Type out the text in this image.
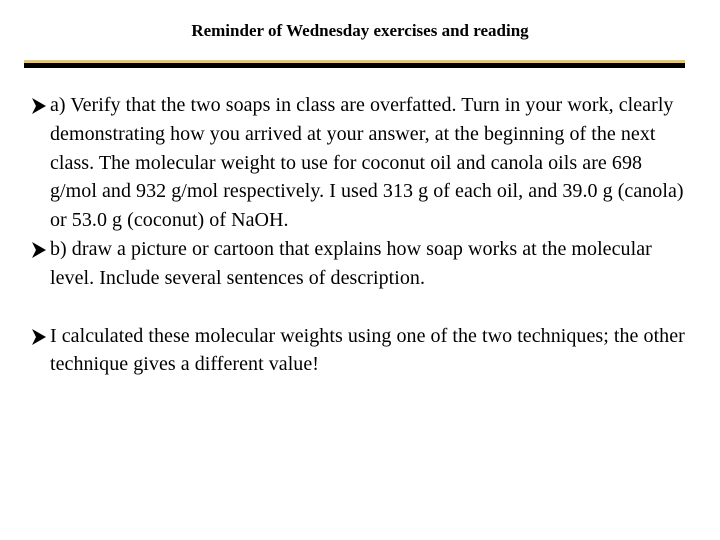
Reminder of Wednesday exercises and reading
a) Verify that the two soaps in class are overfatted. Turn in your work, clearly demonstrating how you arrived at your answer, at the beginning of the next class. The molecular weight to use for coconut oil and canola oils are 698 g/mol and 932 g/mol respectively. I used 313 g of each oil, and 39.0 g (canola) or 53.0 g (coconut) of NaOH.
b) draw a picture or cartoon that explains how soap works at the molecular level. Include several sentences of description.
I calculated these molecular weights using one of the two techniques; the other technique gives a different value!
